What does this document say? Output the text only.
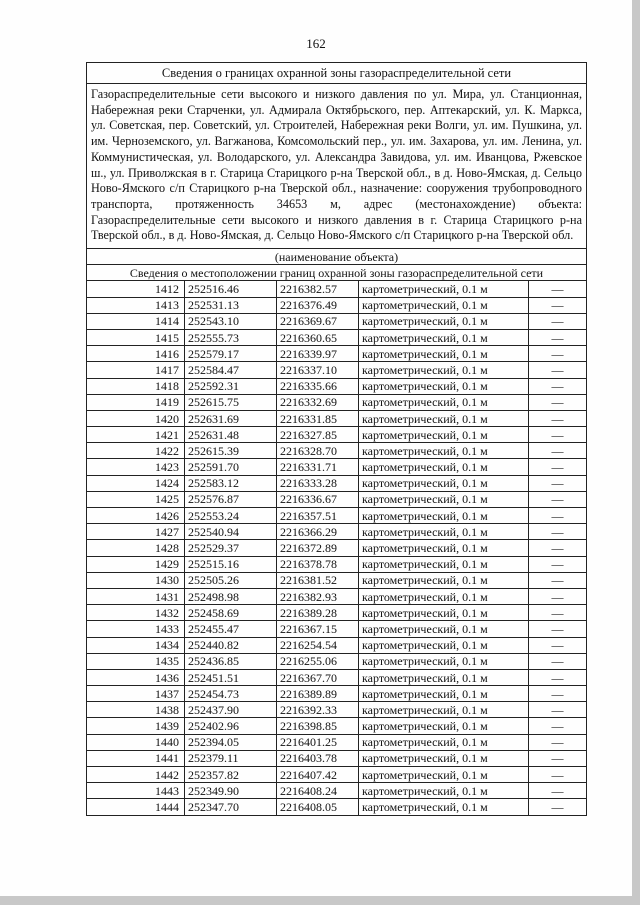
162
Сведения о границах охранной зоны газораспределительной сети				
Газораспределительные сети высокого и низкого давления по ул. Мира, ул. Станционная, Набережная реки Старченки, ул. Адмирала Октябрьского, пер. Аптекарский, ул. К. Маркса, ул. Советская, пер. Советский, ул. Строителей, Набережная реки Волги, ул. им. Пушкина, ул. им. Черноземского, ул. Вагжанова, Комсомольский пер., ул. им. Захарова, ул. им. Ленина, ул. Коммунистическая, ул. Володарского, ул. Александра Завидова, ул. им. Иванцова, Ржевское ш., ул. Приволжская в г. Старица Старицкого р-на Тверской обл., в д. Ново-Ямская, д. Сельцо Ново-Ямского с/п Старицкого р-на Тверской обл., назначение: сооружения трубопроводного транспорта, протяженность 34653 м, адрес (местонахождение) объекта: Газораспределительные сети высокого и низкого давления в г. Старица Старицкого р-на Тверской обл., в д. Ново-Ямская, д. Сельцо Ново-Ямского с/п Старицкого р-на Тверской обл.				
(наименование объекта)				
Сведения о местоположении границ охранной зоны газораспределительной сети				
1412	252516.46	2216382.57	картометрический, 0.1 м	—
1413	252531.13	2216376.49	картометрический, 0.1 м	—
1414	252543.10	2216369.67	картометрический, 0.1 м	—
1415	252555.73	2216360.65	картометрический, 0.1 м	—
1416	252579.17	2216339.97	картометрический, 0.1 м	—
1417	252584.47	2216337.10	картометрический, 0.1 м	—
1418	252592.31	2216335.66	картометрический, 0.1 м	—
1419	252615.75	2216332.69	картометрический, 0.1 м	—
1420	252631.69	2216331.85	картометрический, 0.1 м	—
1421	252631.48	2216327.85	картометрический, 0.1 м	—
1422	252615.39	2216328.70	картометрический, 0.1 м	—
1423	252591.70	2216331.71	картометрический, 0.1 м	—
1424	252583.12	2216333.28	картометрический, 0.1 м	—
1425	252576.87	2216336.67	картометрический, 0.1 м	—
1426	252553.24	2216357.51	картометрический, 0.1 м	—
1427	252540.94	2216366.29	картометрический, 0.1 м	—
1428	252529.37	2216372.89	картометрический, 0.1 м	—
1429	252515.16	2216378.78	картометрический, 0.1 м	—
1430	252505.26	2216381.52	картометрический, 0.1 м	—
1431	252498.98	2216382.93	картометрический, 0.1 м	—
1432	252458.69	2216389.28	картометрический, 0.1 м	—
1433	252455.47	2216367.15	картометрический, 0.1 м	—
1434	252440.82	2216254.54	картометрический, 0.1 м	—
1435	252436.85	2216255.06	картометрический, 0.1 м	—
1436	252451.51	2216367.70	картометрический, 0.1 м	—
1437	252454.73	2216389.89	картометрический, 0.1 м	—
1438	252437.90	2216392.33	картометрический, 0.1 м	—
1439	252402.96	2216398.85	картометрический, 0.1 м	—
1440	252394.05	2216401.25	картометрический, 0.1 м	—
1441	252379.11	2216403.78	картометрический, 0.1 м	—
1442	252357.82	2216407.42	картометрический, 0.1 м	—
1443	252349.90	2216408.24	картометрический, 0.1 м	—
1444	252347.70	2216408.05	картометрический, 0.1 м	—
